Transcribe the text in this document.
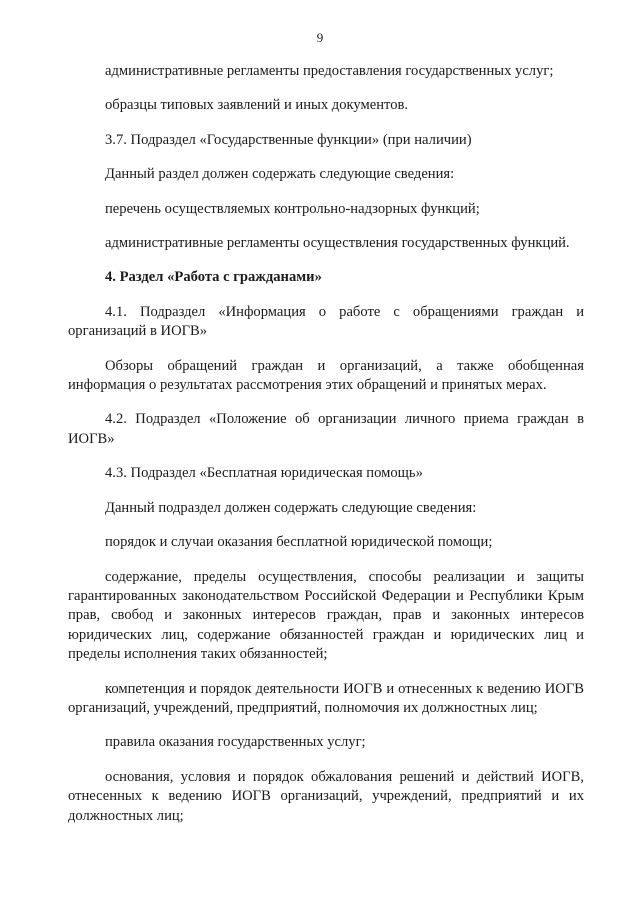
9

административные регламенты предоставления государственных услуг;

образцы типовых заявлений и иных документов.

3.7. Подраздел «Государственные функции» (при наличии)

Данный раздел должен содержать следующие сведения:

перечень осуществляемых контрольно-надзорных функций;

административные регламенты осуществления государственных функций.

4. Раздел «Работа с гражданами»

4.1. Подраздел «Информация о работе с обращениями граждан и организаций в ИОГВ»

Обзоры обращений граждан и организаций, а также обобщенная информация о результатах рассмотрения этих обращений и принятых мерах.

4.2. Подраздел «Положение об организации личного приема граждан в ИОГВ»

4.3. Подраздел «Бесплатная юридическая помощь»

Данный подраздел должен содержать следующие сведения:

порядок и случаи оказания бесплатной юридической помощи;

содержание, пределы осуществления, способы реализации и защиты гарантированных законодательством Российской Федерации и Республики Крым прав, свобод и законных интересов граждан, прав и законных интересов юридических лиц, содержание обязанностей граждан и юридических лиц и пределы исполнения таких обязанностей;

компетенция и порядок деятельности ИОГВ и отнесенных к ведению ИОГВ организаций, учреждений, предприятий, полномочия их должностных лиц;

правила оказания государственных услуг;

основания, условия и порядок обжалования решений и действий ИОГВ, отнесенных к ведению ИОГВ организаций, учреждений, предприятий и их должностных лиц;
